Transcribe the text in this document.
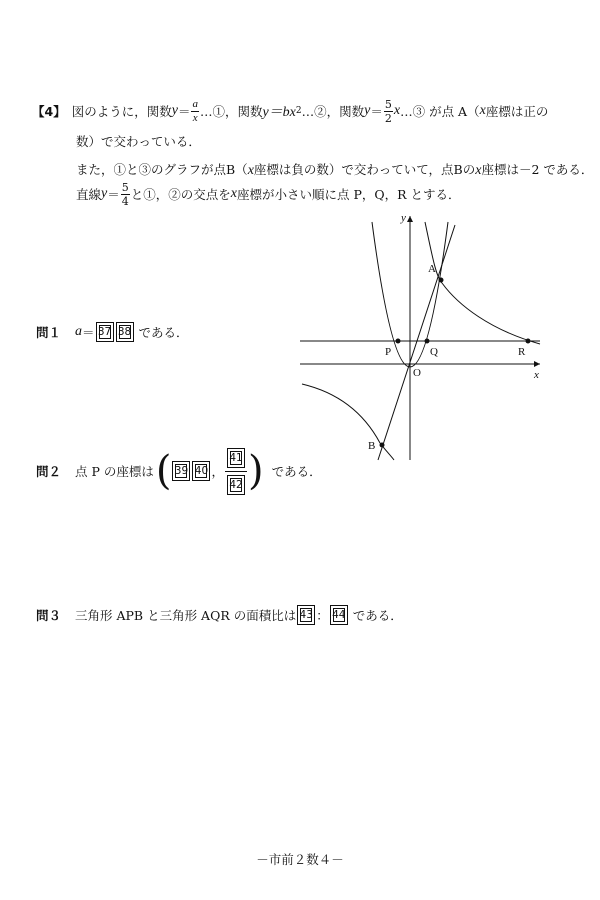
【4】 図のように，関数 $y = \frac{a}{x}$ …①，関数 y＝bx 2 …②，関数 $y = \frac{5}{2}$ x …③ が点 A（ x 座標は正の
数）で交わっている．
また，①と③のグラフが点B（x座標は負の数）で交わっていて，点Bのx座標は－2 である．
直線 $y = \frac{5}{4}$ と①，②の交点を x 座標が小さい順に点 P，Q，R とする．
y
x
O
A
B
P	Q	R
問１ a ＝ 37 38 である．
問２ 点 P の座標は ( 39 40 ， $\frac{41}{42}$ ) である．
問３ 三角形 APB と三角形 AQR の面積比は 43 ： 44 である．
－市前２数４－
